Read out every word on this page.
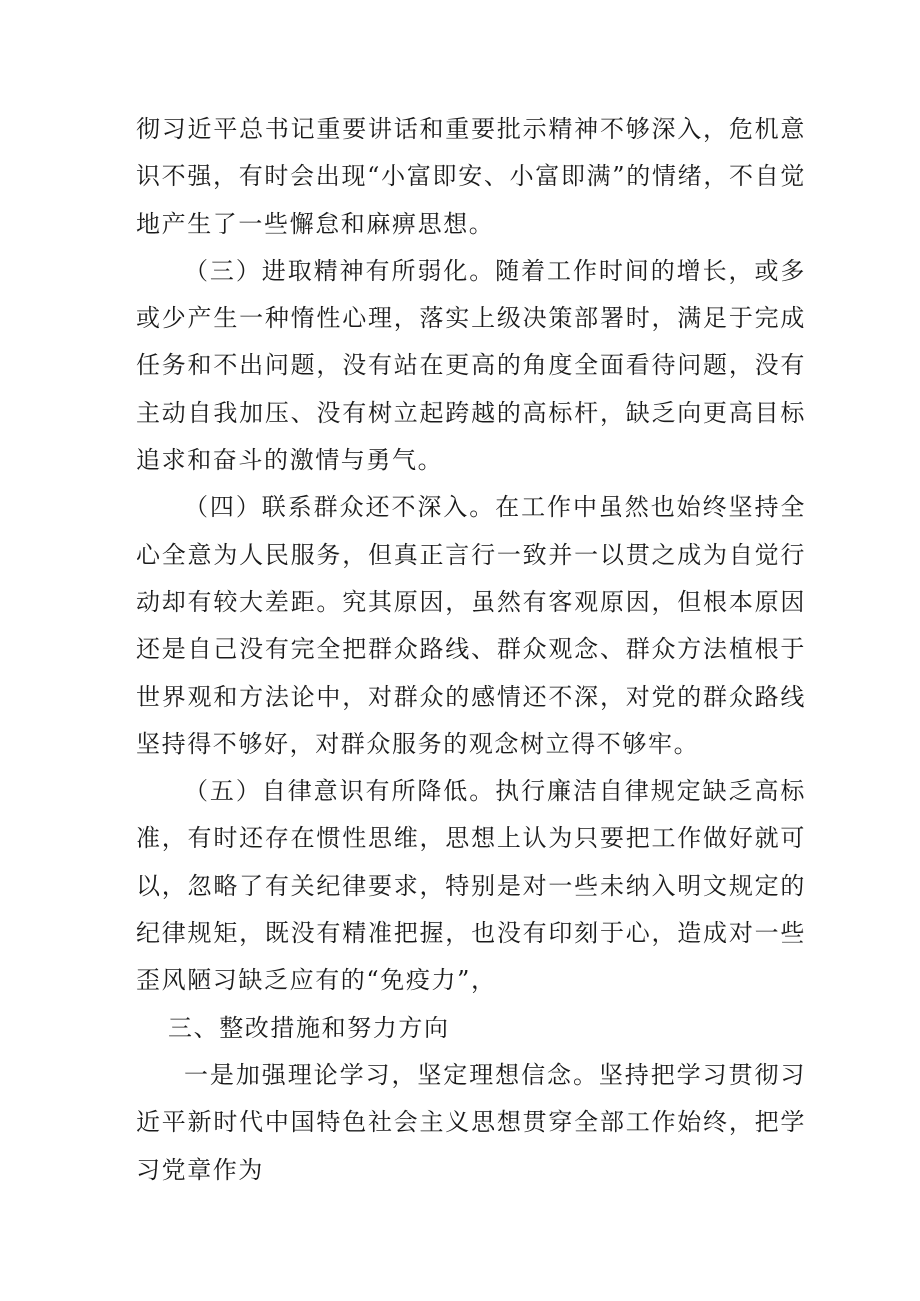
彻习近平总书记重要讲话和重要批示精神不够深入，危机意识不强，有时会出现“小富即安、小富即满”的情绪，不自觉地产生了一些懈怠和麻痹思想。

（三）进取精神有所弱化。随着工作时间的增长，或多或少产生一种惰性心理，落实上级决策部署时，满足于完成任务和不出问题，没有站在更高的角度全面看待问题，没有主动自我加压、没有树立起跨越的高标杆，缺乏向更高目标追求和奋斗的激情与勇气。

（四）联系群众还不深入。在工作中虽然也始终坚持全心全意为人民服务，但真正言行一致并一以贯之成为自觉行动却有较大差距。究其原因，虽然有客观原因，但根本原因还是自己没有完全把群众路线、群众观念、群众方法植根于世界观和方法论中，对群众的感情还不深，对党的群众路线坚持得不够好，对群众服务的观念树立得不够牢。

（五）自律意识有所降低。执行廉洁自律规定缺乏高标准，有时还存在惯性思维，思想上认为只要把工作做好就可以，忽略了有关纪律要求，特别是对一些未纳入明文规定的纪律规矩，既没有精准把握，也没有印刻于心，造成对一些歪风陋习缺乏应有的“免疫力”，

三、整改措施和努力方向

一是加强理论学习，坚定理想信念。坚持把学习贯彻习近平新时代中国特色社会主义思想贯穿全部工作始终，把学习党章作为
